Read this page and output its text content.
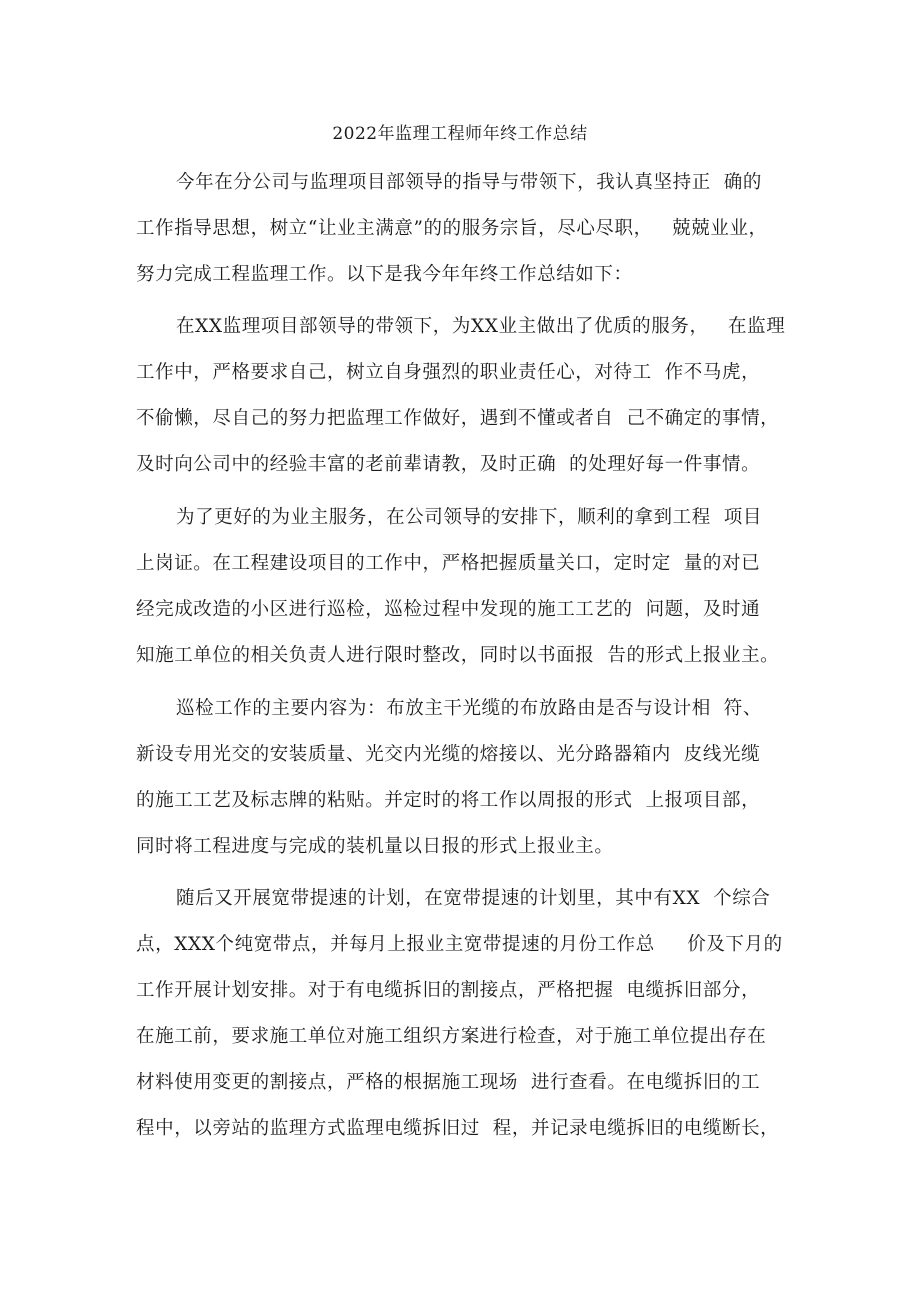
2022年监理工程师年终工作总结
今年在分公司与监理项目部领导的指导与带领下，我认真坚持正  确的
工作指导思想，树立“让业主满意”的的服务宗旨，尽心尽职，   兢兢业业，
努力完成工程监理工作。以下是我今年年终工作总结如下：
在XX监理项目部领导的带领下，为XX业主做出了优质的服务，   在监理
工作中，严格要求自己，树立自身强烈的职业责任心，对待工  作不马虎，
不偷懒，尽自己的努力把监理工作做好，遇到不懂或者自  己不确定的事情，
及时向公司中的经验丰富的老前辈请教，及时正确  的处理好每一件事情。
为了更好的为业主服务，在公司领导的安排下，顺利的拿到工程  项目
上岗证。在工程建设项目的工作中，严格把握质量关口，定时定  量的对已
经完成改造的小区进行巡检，巡检过程中发现的施工工艺的  问题，及时通
知施工单位的相关负责人进行限时整改，同时以书面报  告的形式上报业主。
巡检工作的主要内容为：布放主干光缆的布放路由是否与设计相  符、
新设专用光交的安装质量、光交内光缆的熔接以、光分路器箱内  皮线光缆
的施工工艺及标志牌的粘贴。并定时的将工作以周报的形式  上报项目部，
同时将工程进度与完成的装机量以日报的形式上报业主。
随后又开展宽带提速的计划，在宽带提速的计划里，其中有XX  个综合
点，XXX个纯宽带点，并每月上报业主宽带提速的月份工作总     价及下月的
工作开展计划安排。对于有电缆拆旧的割接点，严格把握  电缆拆旧部分，
在施工前，要求施工单位对施工组织方案进行检查，对于施工单位提出存在
材料使用变更的割接点，严格的根据施工现场  进行查看。在电缆拆旧的工
程中，以旁站的监理方式监理电缆拆旧过  程，并记录电缆拆旧的电缆断长，
